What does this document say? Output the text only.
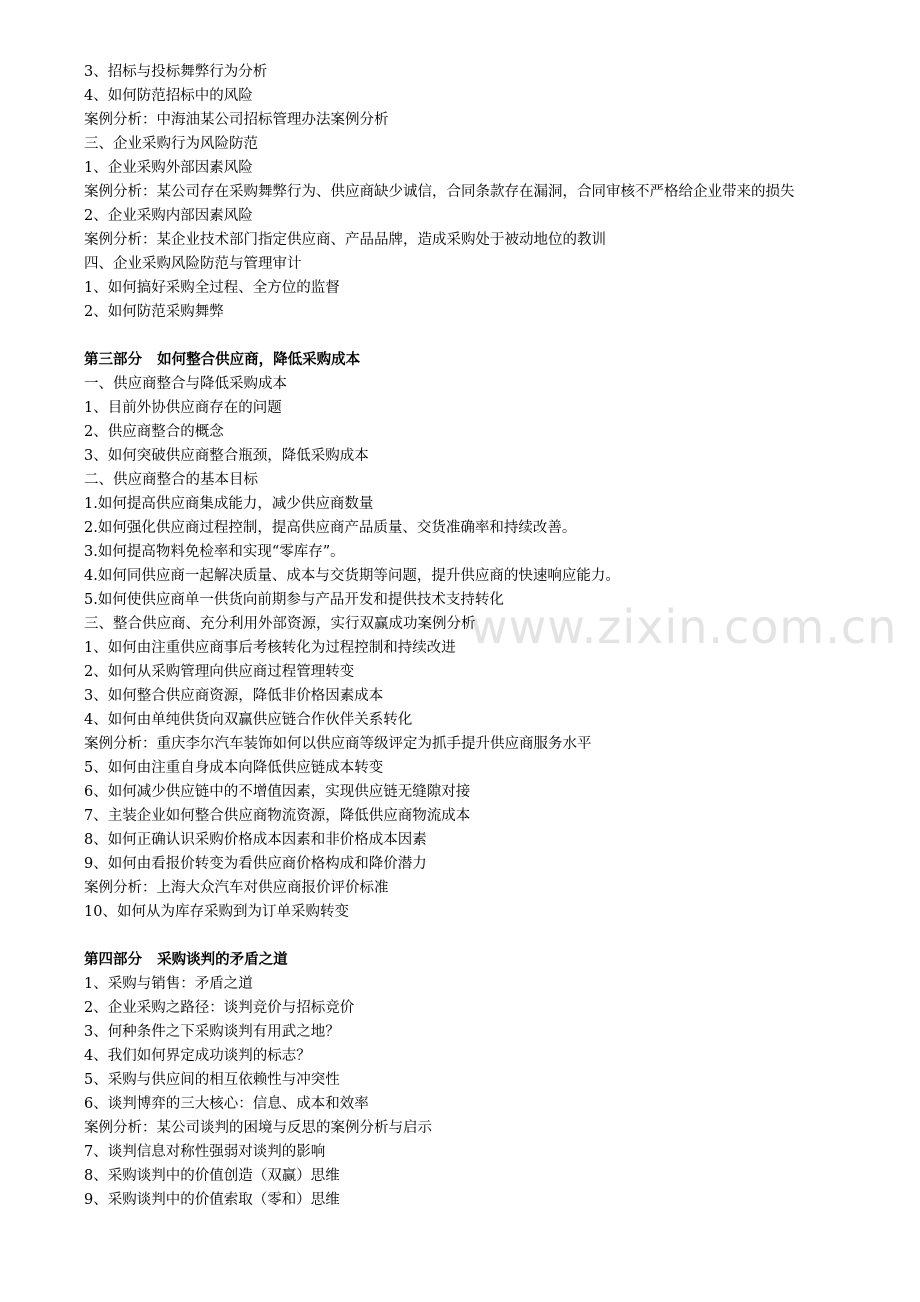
www.zixin.com.cn
3、招标与投标舞弊行为分析
4、如何防范招标中的风险
案例分析：中海油某公司招标管理办法案例分析
三、企业采购行为风险防范
1、企业采购外部因素风险
案例分析：某公司存在采购舞弊行为、供应商缺少诚信，合同条款存在漏洞，合同审核不严格给企业带来的损失
2、企业采购内部因素风险
案例分析：某企业技术部门指定供应商、产品品牌，造成采购处于被动地位的教训
四、企业采购风险防范与管理审计
1、如何搞好采购全过程、全方位的监督
2、如何防范采购舞弊
第三部分   如何整合供应商，降低采购成本
一、供应商整合与降低采购成本
1、目前外协供应商存在的问题
2、供应商整合的概念
3、如何突破供应商整合瓶颈，降低采购成本
二、供应商整合的基本目标
1.如何提高供应商集成能力，减少供应商数量
2.如何强化供应商过程控制，提高供应商产品质量、交货准确率和持续改善。
3.如何提高物料免检率和实现“零库存”。
4.如何同供应商一起解决质量、成本与交货期等问题，提升供应商的快速响应能力。
5.如何使供应商单一供货向前期参与产品开发和提供技术支持转化
三、整合供应商、充分利用外部资源，实行双赢成功案例分析
1、如何由注重供应商事后考核转化为过程控制和持续改进
2、如何从采购管理向供应商过程管理转变
3、如何整合供应商资源，降低非价格因素成本
4、如何由单纯供货向双赢供应链合作伙伴关系转化
案例分析：重庆李尔汽车装饰如何以供应商等级评定为抓手提升供应商服务水平
5、如何由注重自身成本向降低供应链成本转变
6、如何减少供应链中的不增值因素，实现供应链无缝隙对接
7、主装企业如何整合供应商物流资源，降低供应商物流成本
8、如何正确认识采购价格成本因素和非价格成本因素
9、如何由看报价转变为看供应商价格构成和降价潜力
案例分析：上海大众汽车对供应商报价评价标准
10、如何从为库存采购到为订单采购转变
第四部分   采购谈判的矛盾之道
1、采购与销售：矛盾之道
2、企业采购之路径：谈判竞价与招标竞价
3、何种条件之下采购谈判有用武之地？
4、我们如何界定成功谈判的标志？
5、采购与供应间的相互依赖性与冲突性
6、谈判博弈的三大核心：信息、成本和效率
案例分析：某公司谈判的困境与反思的案例分析与启示
7、谈判信息对称性强弱对谈判的影响
8、采购谈判中的价值创造（双赢）思维
9、采购谈判中的价值索取（零和）思维
